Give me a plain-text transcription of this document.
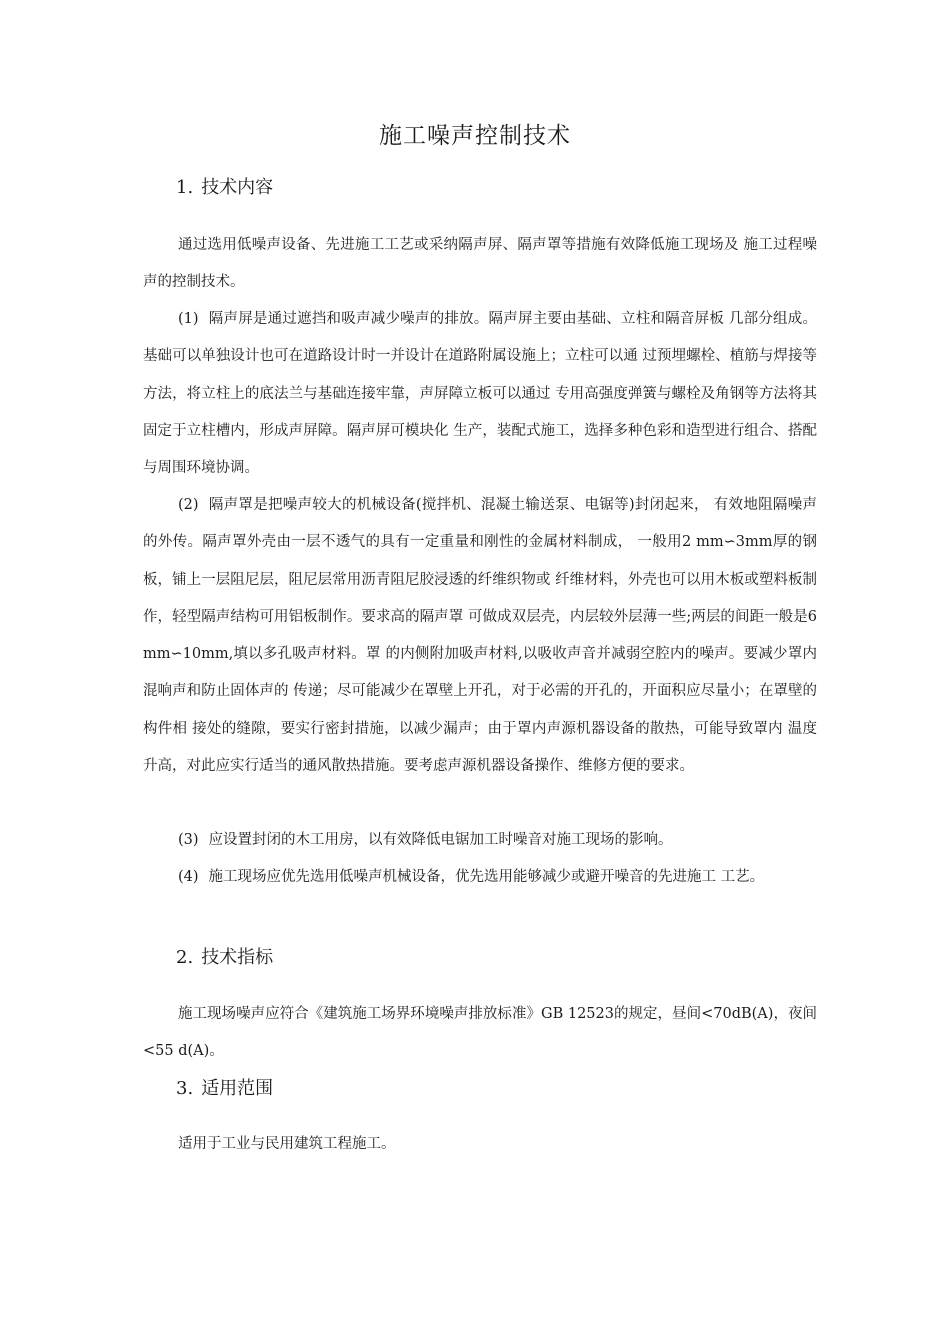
施工噪声控制技术
1. 技术内容
通过选用低噪声设备、先进施工工艺或采纳隔声屏、隔声罩等措施有效降低施工现场及 施工过程噪声的控制技术。
(1) 隔声屏是通过遮挡和吸声减少噪声的排放。隔声屏主要由基础、立柱和隔音屏板 几部分组成。基础可以单独设计也可在道路设计时一并设计在道路附属设施上；立柱可以通 过预埋螺栓、植筋与焊接等方法，将立柱上的底法兰与基础连接牢靠，声屏障立板可以通过 专用高强度弹簧与螺栓及角钢等方法将其固定于立柱槽内，形成声屏障。隔声屏可模块化 生产，装配式施工，选择多种色彩和造型进行组合、搭配与周围环境协调。
(2) 隔声罩是把噪声较大的机械设备(搅拌机、混凝土输送泵、电锯等)封闭起来， 有效地阻隔噪声的外传。隔声罩外壳由一层不透气的具有一定重量和刚性的金属材料制成， 一般用2 mm∽3mm厚的钢板，铺上一层阻尼层，阻尼层常用沥青阻尼胶浸透的纤维织物或 纤维材料，外壳也可以用木板或塑料板制作，轻型隔声结构可用铝板制作。要求高的隔声罩 可做成双层壳，内层较外层薄一些;两层的间距一般是6mm∽10mm,填以多孔吸声材料。罩 的内侧附加吸声材料,以吸收声音并减弱空腔内的噪声。要减少罩内混响声和防止固体声的 传递；尽可能减少在罩壁上开孔，对于必需的开孔的，开面积应尽量小；在罩壁的构件相 接处的缝隙，要实行密封措施，以减少漏声；由于罩内声源机器设备的散热，可能导致罩内 温度升高，对此应实行适当的通风散热措施。要考虑声源机器设备操作、维修方便的要求。
(3) 应设置封闭的木工用房，以有效降低电锯加工时噪音对施工现场的影响。
(4) 施工现场应优先选用低噪声机械设备，优先选用能够减少或避开噪音的先进施工 工艺。
2. 技术指标
施工现场噪声应符合《建筑施工场界环境噪声排放标准》GB 12523的规定，昼间<70dB(A)，夜间 <55 d(A)。
3. 适用范围
适用于工业与民用建筑工程施工。
